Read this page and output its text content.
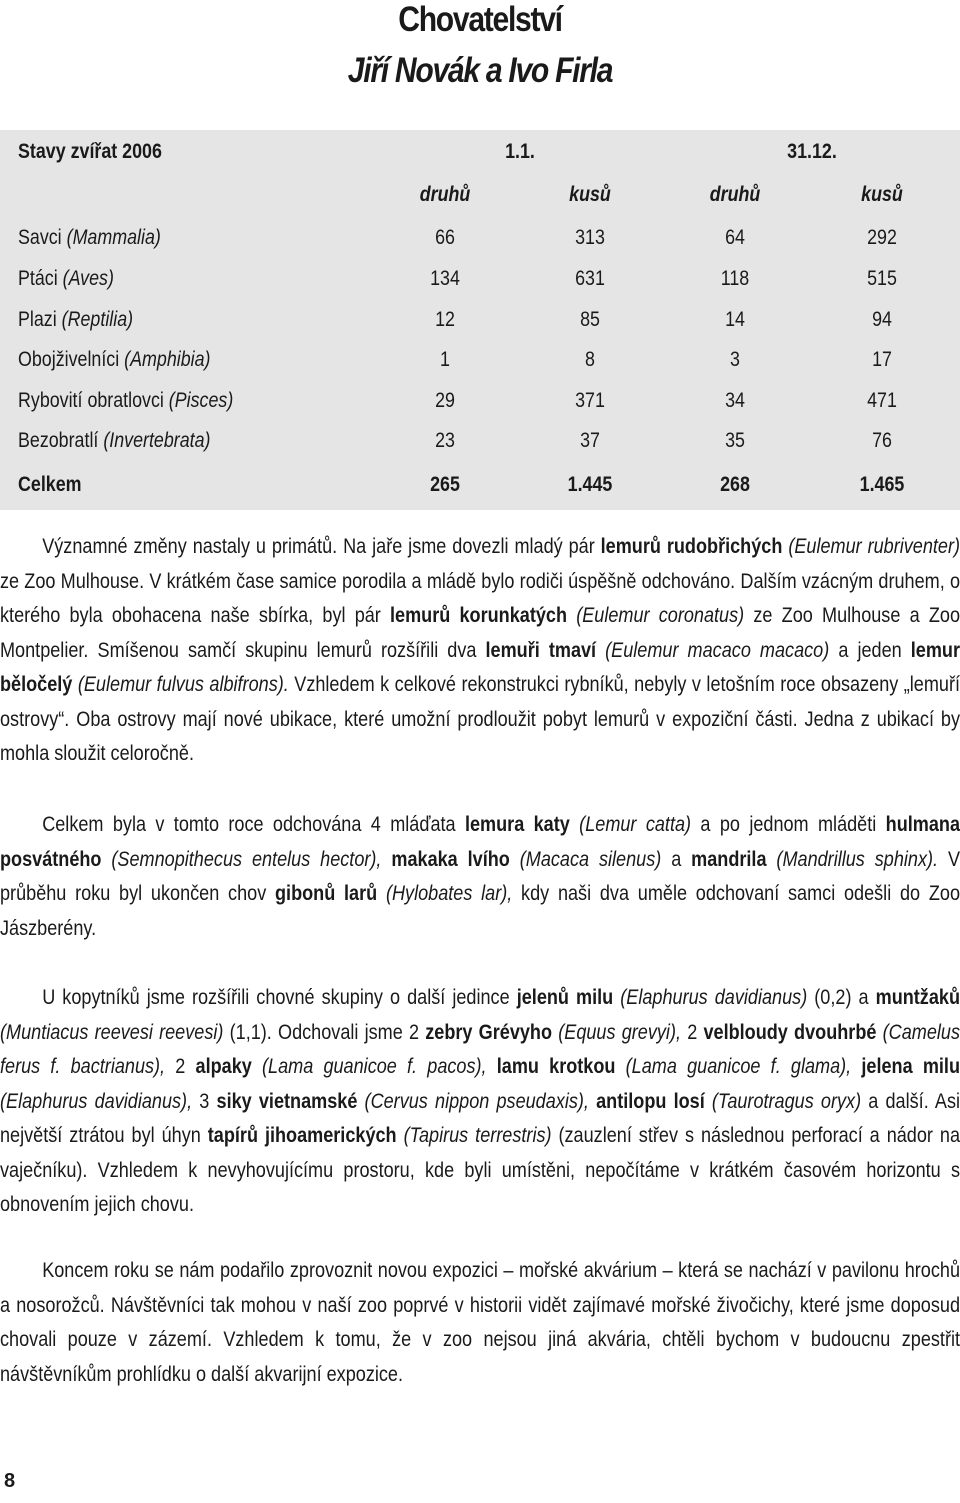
Chovatelství
Jiří Novák a Ivo Firla
Stavy zvířat 2006	1.1.	31.12.
druhů	kusů	druhů	kusů
Savci (Mammalia)	66	313	64	292
Ptáci (Aves)	134	631	118	515
Plazi (Reptilia)	12	85	14	94
Obojživelníci (Amphibia)	1	8	3	17
Rybovití obratlovci (Pisces)	29	371	34	471
Bezobratlí (Invertebrata)	23	37	35	76
Celkem	265	1.445	268	1.465
Významné změny nastaly u primátů. Na jaře jsme dovezli mladý pár lemurů rudobřichých (Eulemur rubriventer) ze Zoo Mulhouse. V krátkém čase samice porodila a mládě bylo rodiči úspěšně odchováno. Dalším vzácným druhem, o kterého byla obohacena naše sbírka, byl pár lemurů korunkatých (Eulemur coronatus) ze Zoo Mulhouse a Zoo Montpelier. Smíšenou samčí skupinu lemurů rozšířili dva lemuři tmaví (Eulemur macaco macaco) a jeden lemur běločelý (Eulemur fulvus albifrons). Vzhledem k celkové rekonstrukci rybníků, nebyly v letošním roce obsazeny „lemuří ostrovy“. Oba ostrovy mají nové ubikace, které umožní prodloužit pobyt lemurů v expoziční části. Jedna z ubikací by mohla sloužit celoročně.
Celkem byla v tomto roce odchována 4 mláďata lemura katy (Lemur catta) a po jednom mláděti hulmana posvátného (Semnopithecus entelus hector), makaka lvího (Macaca silenus) a mandrila (Mandrillus sphinx). V průběhu roku byl ukončen chov gibonů larů (Hylobates lar), kdy naši dva uměle odchovaní samci odešli do Zoo Jászberény.
U kopytníků jsme rozšířili chovné skupiny o další jedince jelenů milu (Elaphurus davidianus) (0,2) a muntžaků (Muntiacus reevesi reevesi) (1,1). Odchovali jsme 2 zebry Grévyho (Equus grevyi), 2 velbloudy dvouhrbé (Camelus ferus f. bactrianus), 2 alpaky (Lama guanicoe f. pacos), lamu krotkou (Lama guanicoe f. glama), jelena milu (Elaphurus davidianus), 3 siky vietnamské (Cervus nippon pseudaxis), antilopu losí (Taurotragus oryx) a další. Asi největší ztrátou byl úhyn tapírů jihoamerických (Tapirus terrestris) (zauzlení střev s následnou perforací a nádor na vaječníku). Vzhledem k nevyhovujícímu prostoru, kde byli umístěni, nepočítáme v krátkém časovém horizontu s obnovením jejich chovu.
Koncem roku se nám podařilo zprovoznit novou expozici – mořské akvárium – která se nachází v pavilonu hrochů a nosorožců. Návštěvníci tak mohou v naší zoo poprvé v historii vidět zajímavé mořské živočichy, které jsme doposud chovali pouze v zázemí. Vzhledem k tomu, že v zoo nejsou jiná akvária, chtěli bychom v budoucnu zpestřit návštěvníkům prohlídku o další akvarijní expozice.
8
